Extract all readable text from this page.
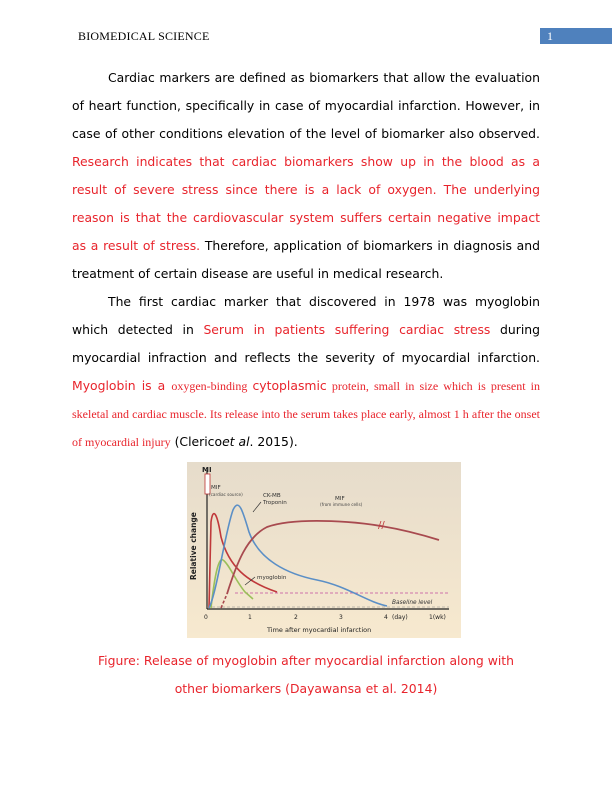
BIOMEDICAL SCIENCE	1

Cardiac markers are defined as biomarkers that allow the evaluation of heart function, specifically in case of myocardial infarction. However, in case of other conditions elevation of the level of biomarker also observed. Research indicates that cardiac biomarkers show up in the blood as a result of severe stress since there is a lack of oxygen. The underlying reason is that the cardiovascular system suffers certain negative impact as a result of stress. Therefore, application of biomarkers in diagnosis and treatment of certain disease are useful in medical research.

The first cardiac marker that discovered in 1978 was myoglobin which detected in Serum in patients suffering cardiac stress during myocardial infraction and reflects the severity of myocardial infarction. Myoglobin is a oxygen-binding cytoplasmic protein, small in size which is present in skeletal and cardiac muscle. Its release into the serum takes place early, almost 1 h after the onset of myocardial injury (Clericoet al. 2015).

MI
//
MIF
(cardiac source)	CK-MB
Troponin
MIF
(from immune cells)
myoglobin
Baseline level
Relative change
Time after myocardial infarction
0	1	2	3	4 (day)	1(wk)
Figure: Release of myoglobin after myocardial infarction along with
other biomarkers (Dayawansa et al. 2014)
